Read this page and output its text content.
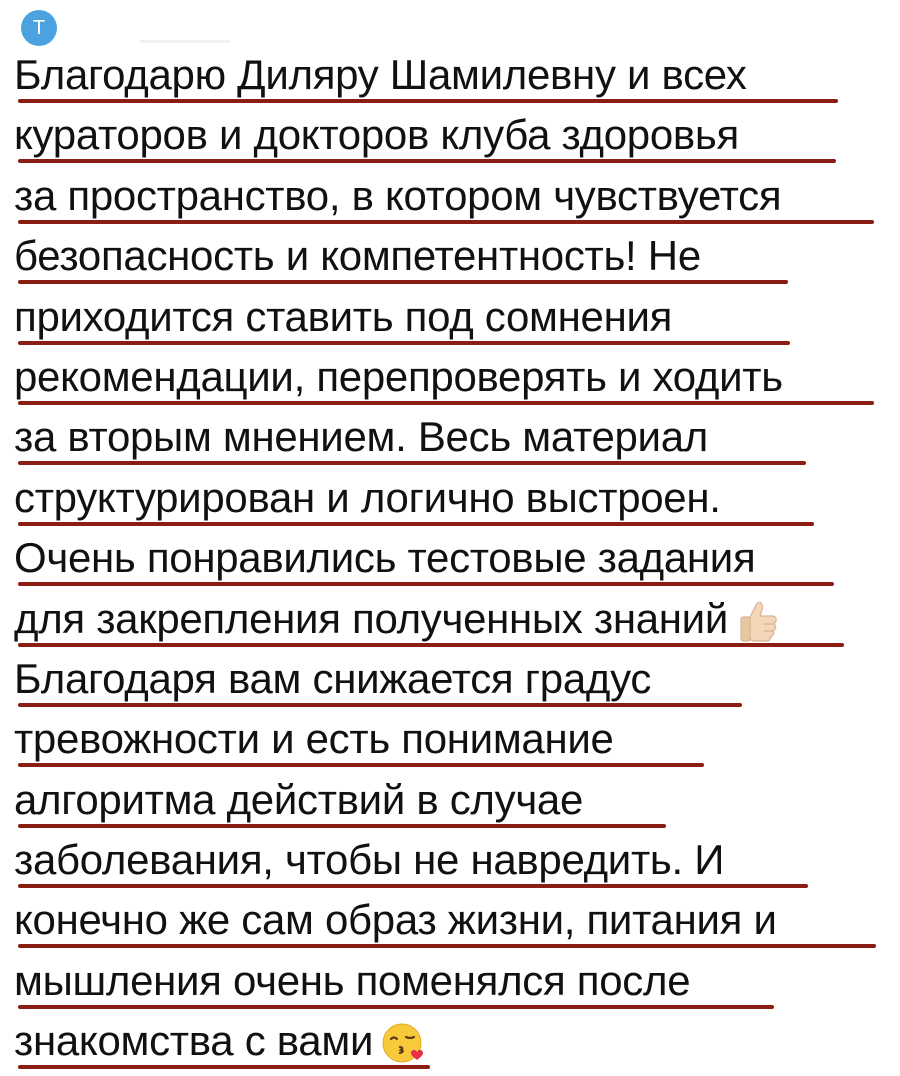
T
Благодарю Диляру Шамилевну и всех
кураторов и докторов клуба здоровья
за пространство, в котором чувствуется
безопасность и компетентность! Не
приходится ставить под сомнения
рекомендации, перепроверять и ходить
за вторым мнением. Весь материал
структурирован и логично выстроен.
Очень понравились тестовые задания
для закрепления полученных знаний
Благодаря вам снижается градус
тревожности и есть понимание
алгоритма действий в случае
заболевания, чтобы не навредить. И
конечно же сам образ жизни, питания и
мышления очень поменялся после
знакомства с вами
